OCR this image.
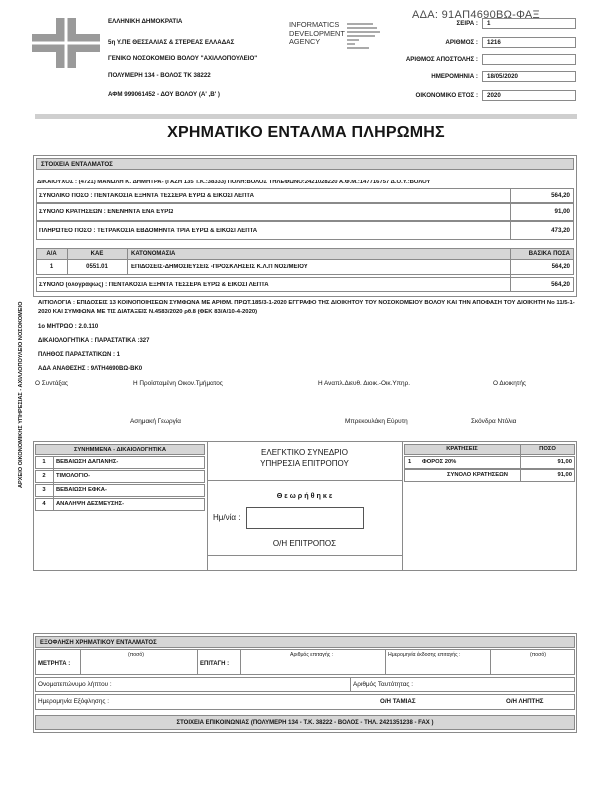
ΑΔΑ: 91ΑΠ4690ΒΩ-ΦΑΞ
ΑΡΧΕΙΟ ΟΙΚΟΝΟΜΙΚΗΣ ΥΠΗΡΕΣΙΑΣ - ΑΧΙΛΛΟΠΟΥΛΕΙΟ ΝΟΣΟΚΟΜΕΙΟ
ΕΛΛΗΝΙΚΗ ΔΗΜΟΚΡΑΤΙΑ
5η Υ.ΠΕ ΘΕΣΣΑΛΙΑΣ & ΣΤΕΡΕΑΣ ΕΛΛΑΔΑΣ
ΓΕΝΙΚΟ ΝΟΣΟΚΟΜΕΙΟ ΒΟΛΟΥ "ΑΧΙΛΛΟΠΟΥΛΕΙΟ"
ΠΟΛΥΜΕΡΗ 134 - ΒΟΛΟΣ ΤΚ 38222
ΑΦΜ 999061452 - ΔΟΥ ΒΟΛΟΥ (Α' ,Β' )
INFORMATICS
DEVELOPMENT
AGENCY
ΣΕΙΡΑ :	1
ΑΡΙΘΜΟΣ :	1216
ΑΡΙΘΜΟΣ ΑΠΟΣΤΟΛΗΣ :
ΗΜΕΡΟΜΗΝΙΑ :	18/05/2020
ΟΙΚΟΝΟΜΙΚΟ ΕΤΟΣ :	2020
ΧΡΗΜΑΤΙΚΟ ΕΝΤΑΛΜΑ ΠΛΗΡΩΜΗΣ
ΣΤΟΙΧΕΙΑ ΕΝΤΑΛΜΑΤΟΣ
ΔΙΚΑΙΟΥΧΟΣ : (4721) ΜΑΝΩΛΗ Κ. ΔΗΜΗΤΡΑ- (ΓΑΖΗ 135 Τ.Κ.:38333) ΠΟΛΗ:ΒΟΛΟΣ ΤΗΛΕΦΩΝΟ:2421028220 Α.Φ.Μ.:147716757 Δ.Ο.Υ.:ΒΟΛΟΥ
ΣΥΝΟΛΙΚΟ ΠΟΣΟ : ΠΕΝΤΑΚΟΣΙΑ ΕΞΗΝΤΑ ΤΕΣΣΕΡΑ ΕΥΡΩ & ΕΙΚΟΣΙ ΛΕΠΤΑ	564,20
ΣΥΝΟΛΟ ΚΡΑΤΗΣΕΩΝ : ΕΝΕΝΗΝΤΑ ΕΝΑ ΕΥΡΩ	91,00
ΠΛΗΡΩΤΕΟ ΠΟΣΟ : ΤΕΤΡΑΚΟΣΙΑ ΕΒΔΟΜΗΝΤΑ ΤΡΙΑ ΕΥΡΩ & ΕΙΚΟΣΙ ΛΕΠΤΑ	473,20
Α/Α	ΚΑΕ	ΚΑΤΟΝΟΜΑΣΙΑ	ΒΑΣΙΚΑ ΠΟΣΑ
1	0551.01	ΕΠΙΔΟΣΕΙΣ-ΔΗΜΟΣΙΕΥΣΕΙΣ -ΠΡΟΣΚΛΗΣΕΙΣ Κ.Λ.Π ΝΟΣ/ΜΕΙΟΥ	564,20
ΣΥΝΟΛΟ (ολογράφως) : ΠΕΝΤΑΚΟΣΙΑ ΕΞΗΝΤΑ ΤΕΣΣΕΡΑ ΕΥΡΩ & ΕΙΚΟΣΙ ΛΕΠΤΑ	564,20
ΑΙΤΙΟΛΟΓΙΑ : ΕΠΙΔΟΣΕΙΣ 13 ΚΟΙΝΟΠΟΙΗΣΕΩΝ ΣΥΜΦΩΝΑ ΜΕ ΑΡΙΘΜ. ΠΡΩΤ.185/3-1-2020 ΕΓΓΡΑΦΟ ΤΗΣ ΔΙΟΙΚΗΤΟΥ ΤΟΥ ΝΟΣΟΚΟΜΕΙΟΥ ΒΟΛΟΥ ΚΑΙ ΤΗΝ ΑΠΟΦΑΣΗ ΤΟΥ ΔΙΟΙΚΗΤΗ Νο 11/5-1-2020 ΚΑΙ ΣΥΜΦΩΝΑ ΜΕ ΤΙΣ ΔΙΑΤΑΞΕΙΣ Ν.4583/2020 ρθ.8 (ΦΕΚ 83/Α/10-4-2020)
1ο ΜΗΤΡΩΟ : 2.0.110
ΔΙΚΑΙΟΛΟΓΗΤΙΚΑ : ΠΑΡΑΣΤΑΤΙΚΑ :327
ΠΛΗΘΟΣ ΠΑΡΑΣΤΑΤΙΚΩΝ : 1
ΑΔΑ ΑΝΑΘΕΣΗΣ : 9ΛΤΗ4690ΒΩ-ΒΚ0
Ο Συντάξας	Η Προϊσταμένη Οικον.Τμήματος	Η Αναπλ.Διευθ. Διοικ.-Οικ.Υπηρ.	Ο Διοικητής
Ασημακή Γεωργία	Μπρεκουλάκη Εύρυτη	Σκόνδρα Ντόλια
ΣΥΝΗΜΜΕΝΑ - ΔΙΚΑΙΟΛΟΓΗΤΙΚΑ
1	ΒΕΒΑΙΩΣΗ ΔΑΠΑΝΗΣ-
2	ΤΙΜΟΛΟΓΙΟ-
3	ΒΕΒΑΙΩΣΗ ΕΦΚΑ-
4	ΑΝΑΛΗΨΗ ΔΕΣΜΕΥΣΗΣ-
ΕΛΕΓΚΤΙΚΟ ΣΥΝΕΔΡΙΟ
ΥΠΗΡΕΣΙΑ ΕΠΙΤΡΟΠΟΥ
Θ ε ω ρ ή θ η κ ε
Ημ/νία :
Ο/Η ΕΠΙΤΡΟΠΟΣ
ΚΡΑΤΗΣΕΙΣ	ΠΟΣΟ
1 ΦΟΡΟΣ 20%	91,00
ΣΥΝΟΛΟ ΚΡΑΤΗΣΕΩΝ	91,00
ΕΞΟΦΛΗΣΗ ΧΡΗΜΑΤΙΚΟΥ ΕΝΤΑΛΜΑΤΟΣ
ΜΕΤΡΗΤΑ :
(ποσό)
ΕΠΙΤΑΓΗ :
Αριθμός επιταγής :	Ημερομηνία έκδοσης επιταγής :	(ποσό)
Ονοματεπώνυμο λήπτου :	Αριθμός Ταυτότητας :
Ημερομηνία Εξόφλησης :	Ο/Η ΤΑΜΙΑΣ	Ο/Η ΛΗΠΤΗΣ
ΣΤΟΙΧΕΙΑ ΕΠΙΚΟΙΝΩΝΙΑΣ (ΠΟΛΥΜΕΡΗ 134 - Τ.Κ. 38222 - ΒΟΛΟΣ - ΤΗΛ. 2421351238 - FAX )
